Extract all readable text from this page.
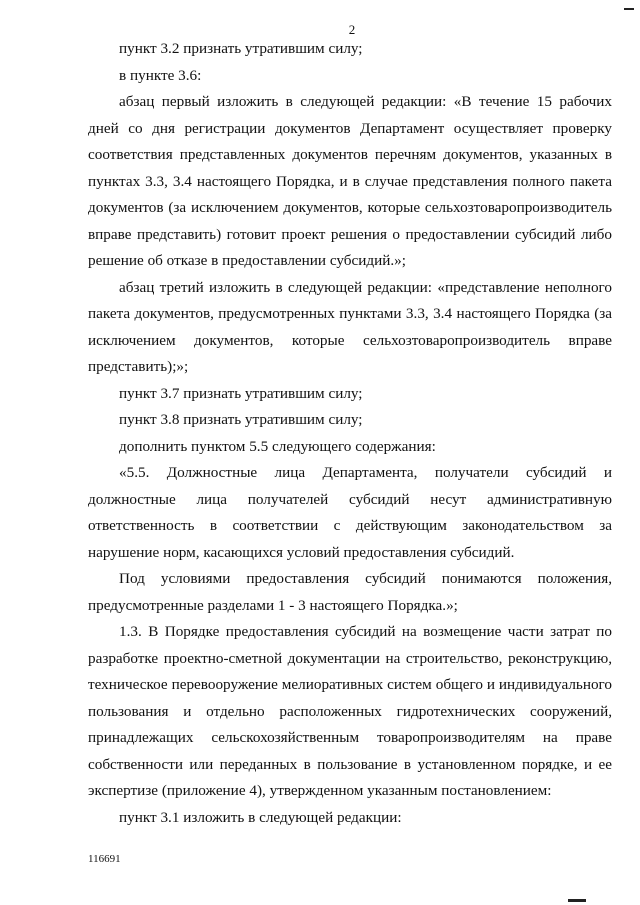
2

пункт 3.2 признать утратившим силу;

в пункте 3.6:

абзац первый изложить в следующей редакции: «В течение 15 рабочих дней со дня регистрации документов Департамент осуществляет проверку соответствия представленных документов перечням документов, указанных в пунктах 3.3, 3.4 настоящего Порядка, и в случае представления полного пакета документов (за исключением документов, которые сельхозтоваропроизводитель вправе представить) готовит проект решения о предоставлении субсидий либо решение об отказе в предоставлении субсидий.»;

абзац третий изложить в следующей редакции: «представление неполного пакета документов, предусмотренных пунктами 3.3, 3.4 настоящего Порядка (за исключением документов, которые сельхозтоваропроизводитель вправе представить);»;

пункт 3.7 признать утратившим силу;

пункт 3.8 признать утратившим силу;

дополнить пунктом 5.5 следующего содержания:

«5.5. Должностные лица Департамента, получатели субсидий и должностные лица получателей субсидий несут административную ответственность в соответствии с действующим законодательством за нарушение норм, касающихся условий предоставления субсидий.

Под условиями предоставления субсидий понимаются положения, предусмотренные разделами 1 - 3 настоящего Порядка.»;

1.3. В Порядке предоставления субсидий на возмещение части затрат по разработке проектно-сметной документации на строительство, реконструкцию, техническое перевооружение мелиоративных систем общего и индивидуального пользования и отдельно расположенных гидротехнических сооружений, принадлежащих сельскохозяйственным товаропроизводителям на праве собственности или переданных в пользование в установленном порядке, и ее экспертизе (приложение 4), утвержденном указанным постановлением:

пункт 3.1 изложить в следующей редакции:

116691
